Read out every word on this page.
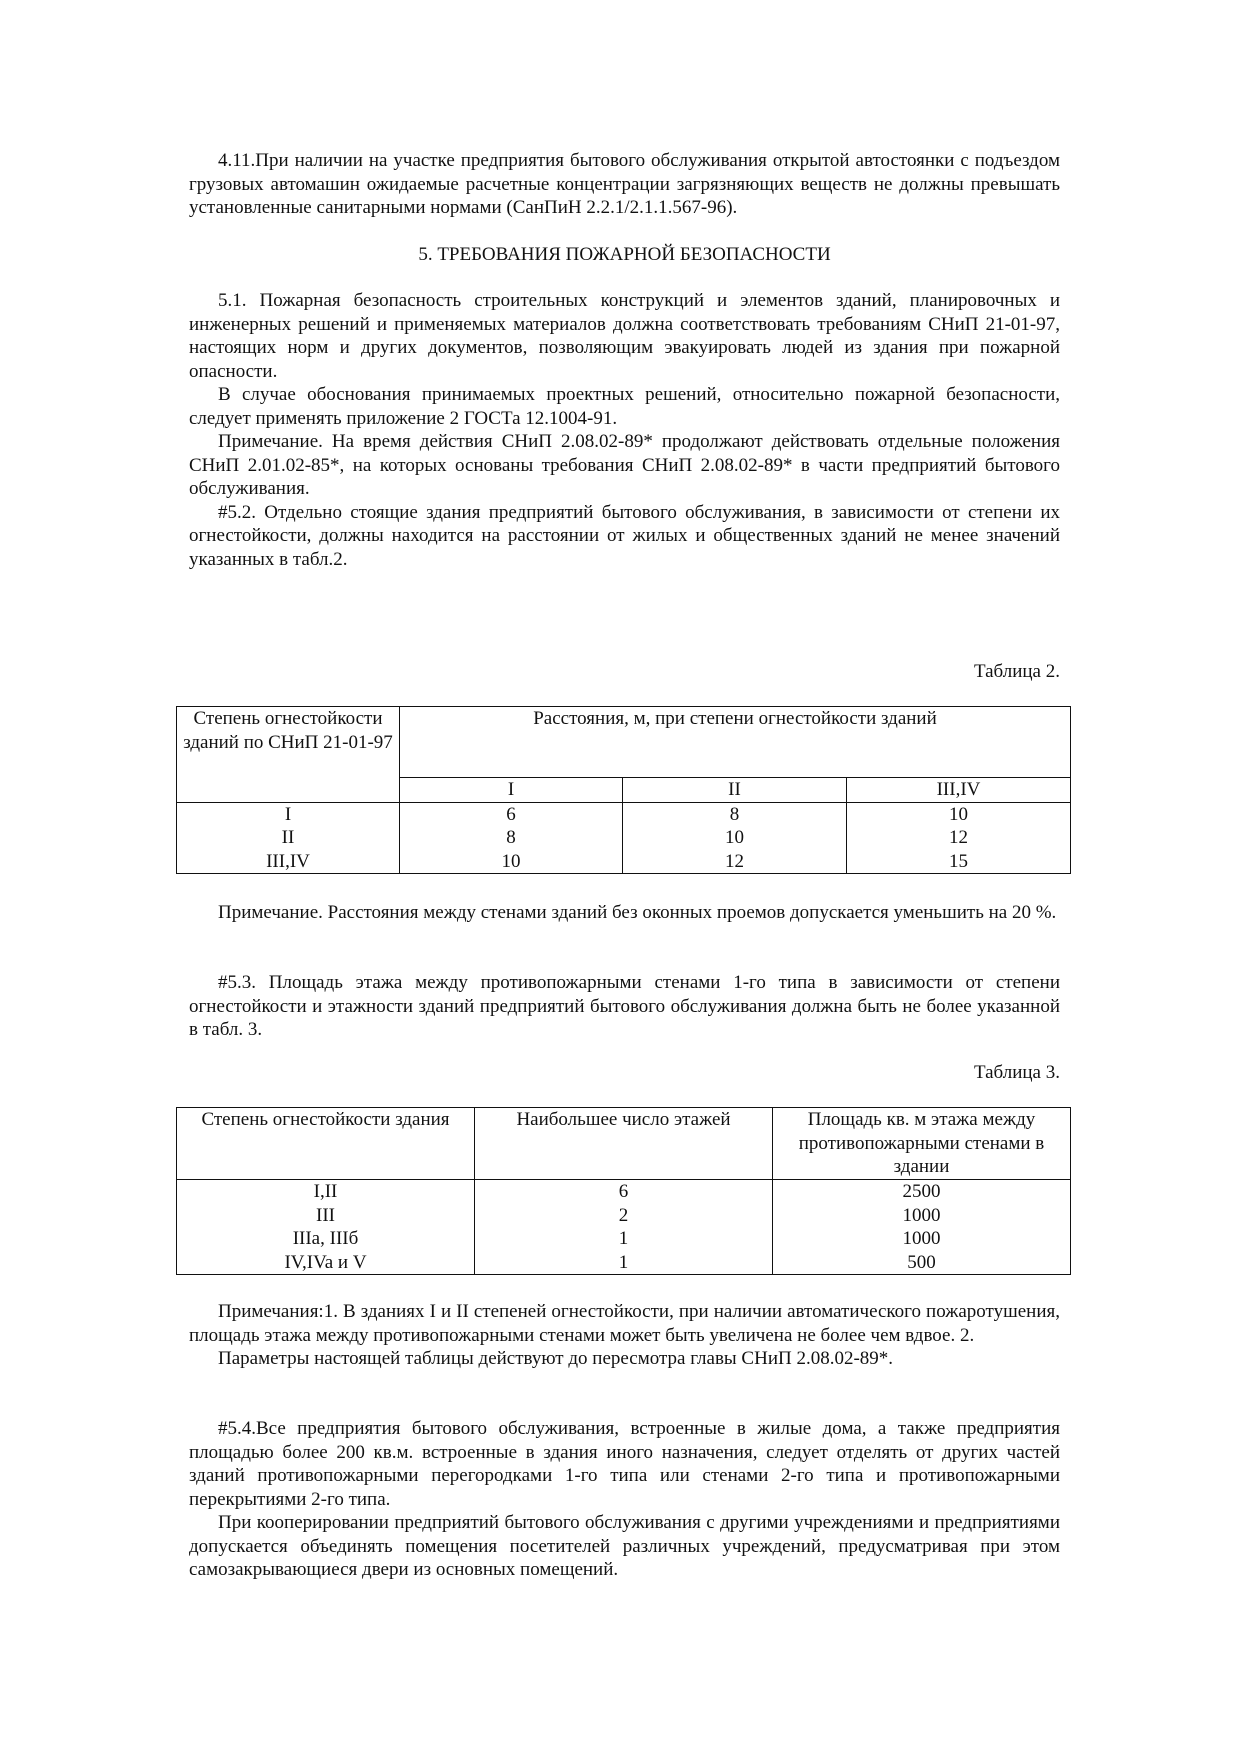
4.11.При наличии на участке предприятия бытового обслуживания открытой автостоянки с подъездом грузовых автомашин ожидаемые расчетные концентрации загрязняющих веществ не должны превышать установленные санитарными нормами (СанПиН 2.2.1/2.1.1.567-96).

5. ТРЕБОВАНИЯ ПОЖАРНОЙ БЕЗОПАСНОСТИ

5.1. Пожарная безопасность строительных конструкций и элементов зданий, планировочных и инженерных решений и применяемых материалов должна соответствовать требованиям СНиП 21-01-97, настоящих норм и других документов, позволяющим эвакуировать людей из здания при пожарной опасности.

В случае обоснования принимаемых проектных решений, относительно пожарной безопасности, следует применять приложение 2 ГОСТа 12.1004-91.

Примечание. На время действия СНиП 2.08.02-89* продолжают действовать отдельные положения СНиП 2.01.02-85*, на которых основаны требования СНиП 2.08.02-89* в части предприятий бытового обслуживания.

#5.2. Отдельно стоящие здания предприятий бытового обслуживания, в зависимости от степени их огнестойкости, должны находится на расстоянии от жилых и общественных зданий не менее значений указанных в табл.2.

Таблица 2.
Степень огнестойкости зданий по СНиП 21-01-97	Расстояния, м, при степени огнестойкости зданий		
	I	II	III,IV
I	6	8	10
II	8	10	12
III,IV	10	12	15

Примечание. Расстояния между стенами зданий без оконных проемов допускается уменьшить на 20 %.

#5.3. Площадь этажа между противопожарными стенами 1-го типа в зависимости от степени огнестойкости и этажности зданий предприятий бытового обслуживания должна быть не более указанной в табл. 3.

Таблица 3.
Степень огнестойкости здания	Наибольшее число этажей	Площадь кв. м этажа между противопожарными стенами в здании
I,II	6	2500
III	2	1000
IIIа, IIIб	1	1000
IV,IVa и V	1	500

Примечания:1. В зданиях I и II степеней огнестойкости, при наличии автоматического пожаротушения, площадь этажа между противопожарными стенами может быть увеличена не более чем вдвое. 2.

Параметры настоящей таблицы действуют до пересмотра главы СНиП 2.08.02-89*.

#5.4.Все предприятия бытового обслуживания, встроенные в жилые дома, а также предприятия площадью более 200 кв.м. встроенные в здания иного назначения, следует отделять от других частей зданий противопожарными перегородками 1-го типа или стенами 2-го типа и противопожарными перекрытиями 2-го типа.

При кооперировании предприятий бытового обслуживания с другими учреждениями и предприятиями допускается объединять помещения посетителей различных учреждений, предусматривая при этом самозакрывающиеся двери из основных помещений.
